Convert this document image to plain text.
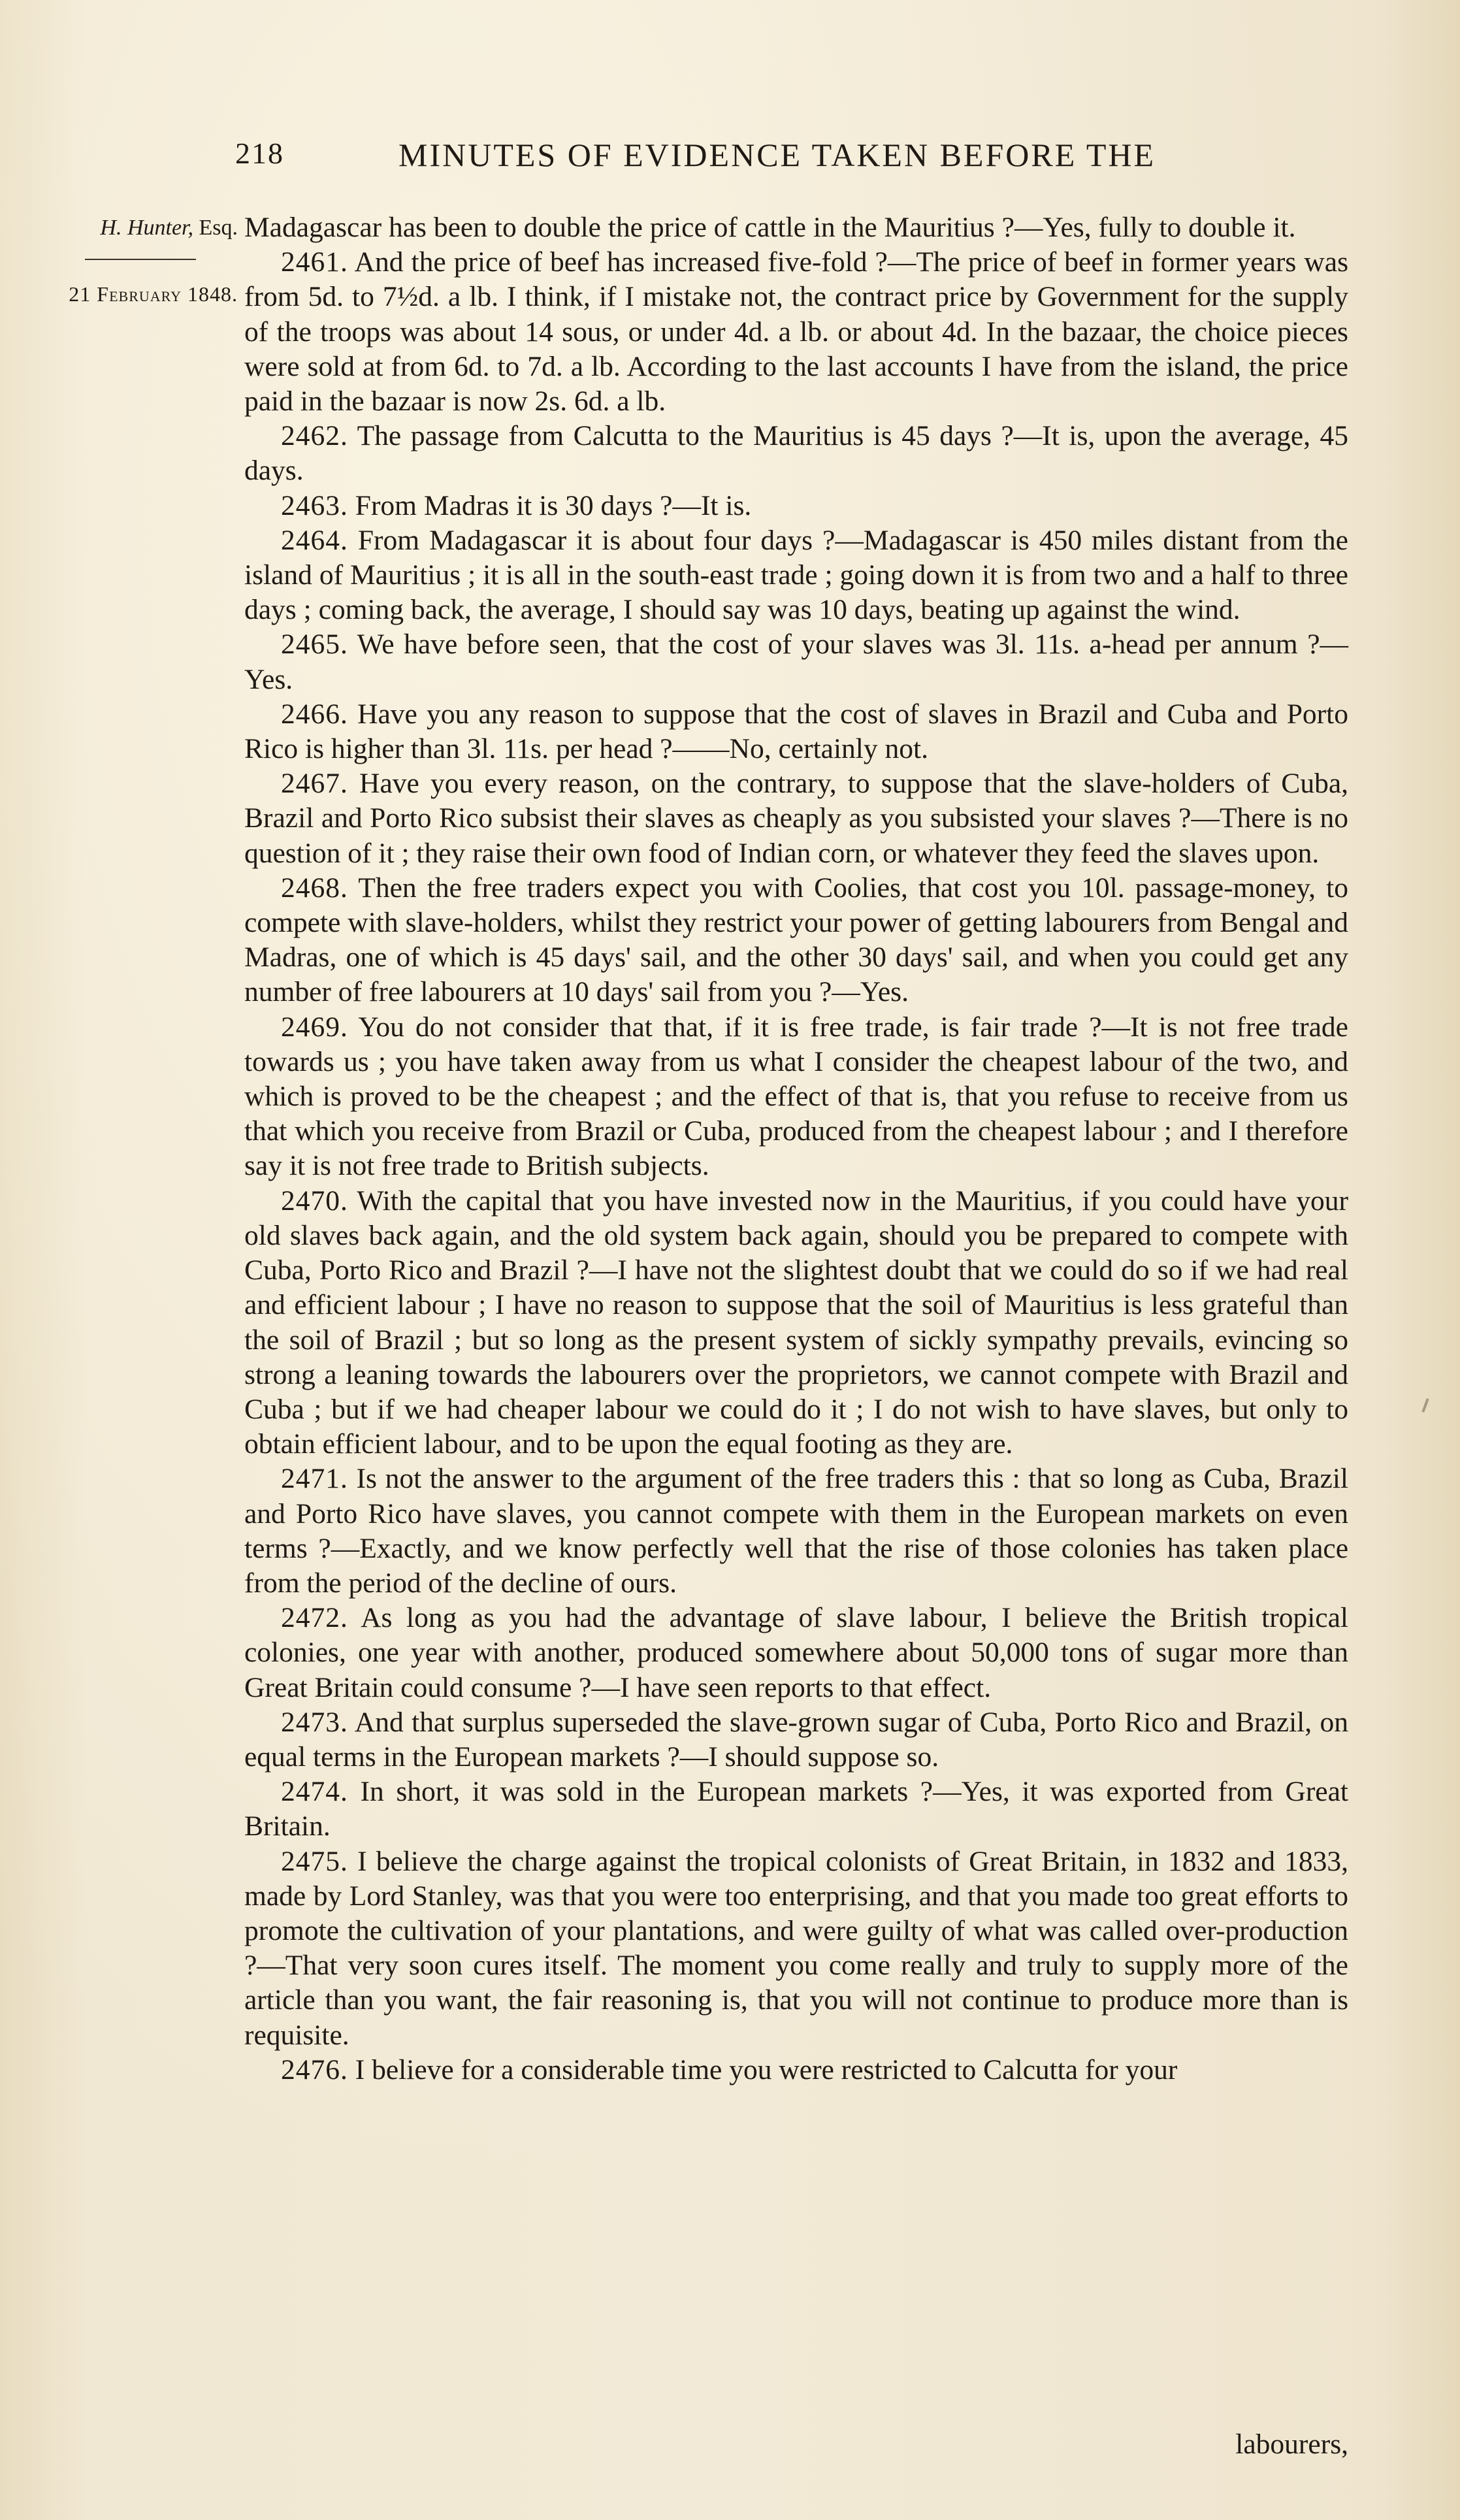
218	MINUTES OF EVIDENCE TAKEN BEFORE THE
H. Hunter, Esq.
21 February 1848.

Madagascar has been to double the price of cattle in the Mauritius ?—Yes, fully to double it.

2461. And the price of beef has increased five-fold ?—The price of beef in former years was from 5d. to 7½d. a lb. I think, if I mistake not, the contract price by Government for the supply of the troops was about 14 sous, or under 4d. a lb. or about 4d. In the bazaar, the choice pieces were sold at from 6d. to 7d. a lb. According to the last accounts I have from the island, the price paid in the bazaar is now 2s. 6d. a lb.

2462. The passage from Calcutta to the Mauritius is 45 days ?—It is, upon the average, 45 days.

2463. From Madras it is 30 days ?—It is.

2464. From Madagascar it is about four days ?—Madagascar is 450 miles distant from the island of Mauritius ; it is all in the south-east trade ; going down it is from two and a half to three days ; coming back, the average, I should say was 10 days, beating up against the wind.

2465. We have before seen, that the cost of your slaves was 3l. 11s. a-head per annum ?—Yes.

2466. Have you any reason to suppose that the cost of slaves in Brazil and Cuba and Porto Rico is higher than 3l. 11s. per head ?——No, certainly not.

2467. Have you every reason, on the contrary, to suppose that the slave-holders of Cuba, Brazil and Porto Rico subsist their slaves as cheaply as you subsisted your slaves ?—There is no question of it ; they raise their own food of Indian corn, or whatever they feed the slaves upon.

2468. Then the free traders expect you with Coolies, that cost you 10l. passage-money, to compete with slave-holders, whilst they restrict your power of getting labourers from Bengal and Madras, one of which is 45 days' sail, and the other 30 days' sail, and when you could get any number of free labourers at 10 days' sail from you ?—Yes.

2469. You do not consider that that, if it is free trade, is fair trade ?—It is not free trade towards us ; you have taken away from us what I consider the cheapest labour of the two, and which is proved to be the cheapest ; and the effect of that is, that you refuse to receive from us that which you receive from Brazil or Cuba, produced from the cheapest labour ; and I therefore say it is not free trade to British subjects.

2470. With the capital that you have invested now in the Mauritius, if you could have your old slaves back again, and the old system back again, should you be prepared to compete with Cuba, Porto Rico and Brazil ?—I have not the slightest doubt that we could do so if we had real and efficient labour ; I have no reason to suppose that the soil of Mauritius is less grateful than the soil of Brazil ; but so long as the present system of sickly sympathy prevails, evincing so strong a leaning towards the labourers over the proprietors, we cannot compete with Brazil and Cuba ; but if we had cheaper labour we could do it ; I do not wish to have slaves, but only to obtain efficient labour, and to be upon the equal footing as they are.

2471. Is not the answer to the argument of the free traders this : that so long as Cuba, Brazil and Porto Rico have slaves, you cannot compete with them in the European markets on even terms ?—Exactly, and we know perfectly well that the rise of those colonies has taken place from the period of the decline of ours.

2472. As long as you had the advantage of slave labour, I believe the British tropical colonies, one year with another, produced somewhere about 50,000 tons of sugar more than Great Britain could consume ?—I have seen reports to that effect.

2473. And that surplus superseded the slave-grown sugar of Cuba, Porto Rico and Brazil, on equal terms in the European markets ?—I should suppose so.

2474. In short, it was sold in the European markets ?—Yes, it was exported from Great Britain.

2475. I believe the charge against the tropical colonists of Great Britain, in 1832 and 1833, made by Lord Stanley, was that you were too enterprising, and that you made too great efforts to promote the cultivation of your plantations, and were guilty of what was called over-production ?—That very soon cures itself. The moment you come really and truly to supply more of the article than you want, the fair reasoning is, that you will not continue to produce more than is requisite.

2476. I believe for a considerable time you were restricted to Calcutta for your

labourers,
